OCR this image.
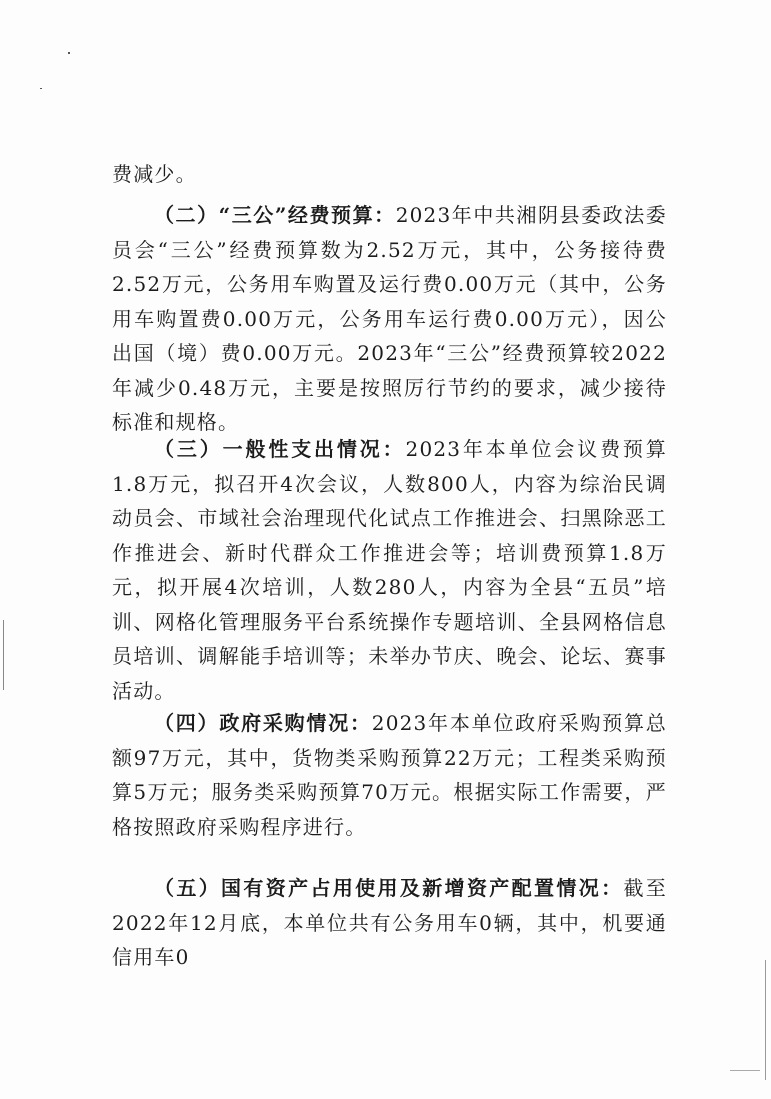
费减少。

（二）“三公”经费预算：2023年中共湘阴县委政法委员会“三公”经费预算数为2.52万元，其中，公务接待费2.52万元，公务用车购置及运行费0.00万元（其中，公务用车购置费0.00万元，公务用车运行费0.00万元），因公出国（境）费0.00万元。2023年“三公”经费预算较2022年减少0.48万元，主要是按照厉行节约的要求，减少接待标准和规格。

（三）一般性支出情况：2023年本单位会议费预算1.8万元，拟召开4次会议，人数800人，内容为综治民调动员会、市域社会治理现代化试点工作推进会、扫黑除恶工作推进会、新时代群众工作推进会等；培训费预算1.8万元，拟开展4次培训，人数280人，内容为全县“五员”培训、网格化管理服务平台系统操作专题培训、全县网格信息员培训、调解能手培训等；未举办节庆、晚会、论坛、赛事活动。

（四）政府采购情况：2023年本单位政府采购预算总额97万元，其中，货物类采购预算22万元；工程类采购预算5万元；服务类采购预算70万元。根据实际工作需要，严格按照政府采购程序进行。

（五）国有资产占用使用及新增资产配置情况：截至2022年12月底，本单位共有公务用车0辆，其中，机要通信用车0
